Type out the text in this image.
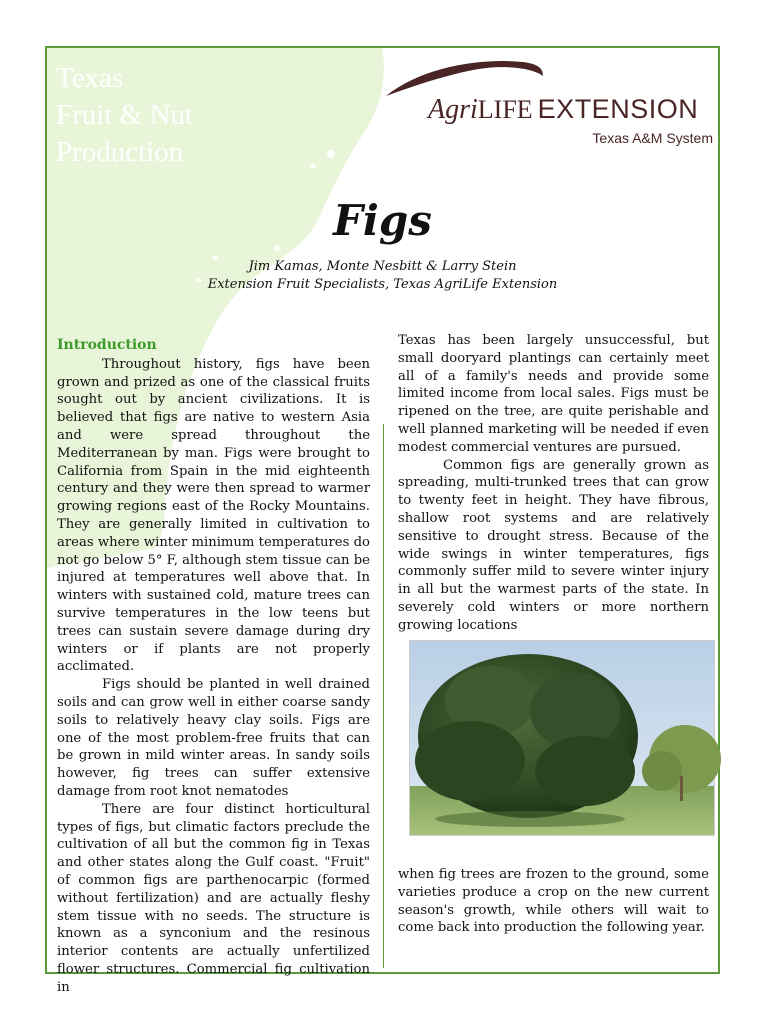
Texas
Fruit & Nut
Production
AgriLIFE EXTENSION
Texas A&M System
Figs
Jim Kamas, Monte Nesbitt & Larry Stein
Extension Fruit Specialists, Texas AgriLife Extension
Introduction

Throughout history, figs have been grown and prized as one of the classical fruits sought out by ancient civilizations. It is believed that figs are native to western Asia and were spread throughout the Mediterranean by man. Figs were brought to California from Spain in the mid eighteenth century and they were then spread to warmer growing regions east of the Rocky Mountains. They are generally limited in cultivation to areas where winter minimum temperatures do not go below 5° F, although stem tissue can be injured at temperatures well above that. In winters with sustained cold, mature trees can survive temperatures in the low teens but trees can sustain severe damage during dry winters or if plants are not properly acclimated.

Figs should be planted in well drained soils and can grow well in either coarse sandy soils to relatively heavy clay soils. Figs are one of the most problem-free fruits that can be grown in mild winter areas. In sandy soils however, fig trees can suffer extensive damage from root knot nematodes

There are four distinct horticultural types of figs, but climatic factors preclude the cultivation of all but the common fig in Texas and other states along the Gulf coast. "Fruit" of common figs are parthenocarpic (formed without fertilization) and are actually fleshy stem tissue with no seeds. The structure is known as a synconium and the resinous interior contents are actually unfertilized flower structures. Commercial fig cultivation in

Texas has been largely unsuccessful, but small dooryard plantings can certainly meet all of a family's needs and provide some limited income from local sales. Figs must be ripened on the tree, are quite perishable and well planned marketing will be needed if even modest commercial ventures are pursued.

Common figs are generally grown as spreading, multi-trunked trees that can grow to twenty feet in height. They have fibrous, shallow root systems and are relatively sensitive to drought stress. Because of the wide swings in winter temperatures, figs commonly suffer mild to severe winter injury in all but the warmest parts of the state. In severely cold winters or more northern growing locations

when fig trees are frozen to the ground, some varieties produce a crop on the new current season's growth, while others will wait to come back into production the following year.
